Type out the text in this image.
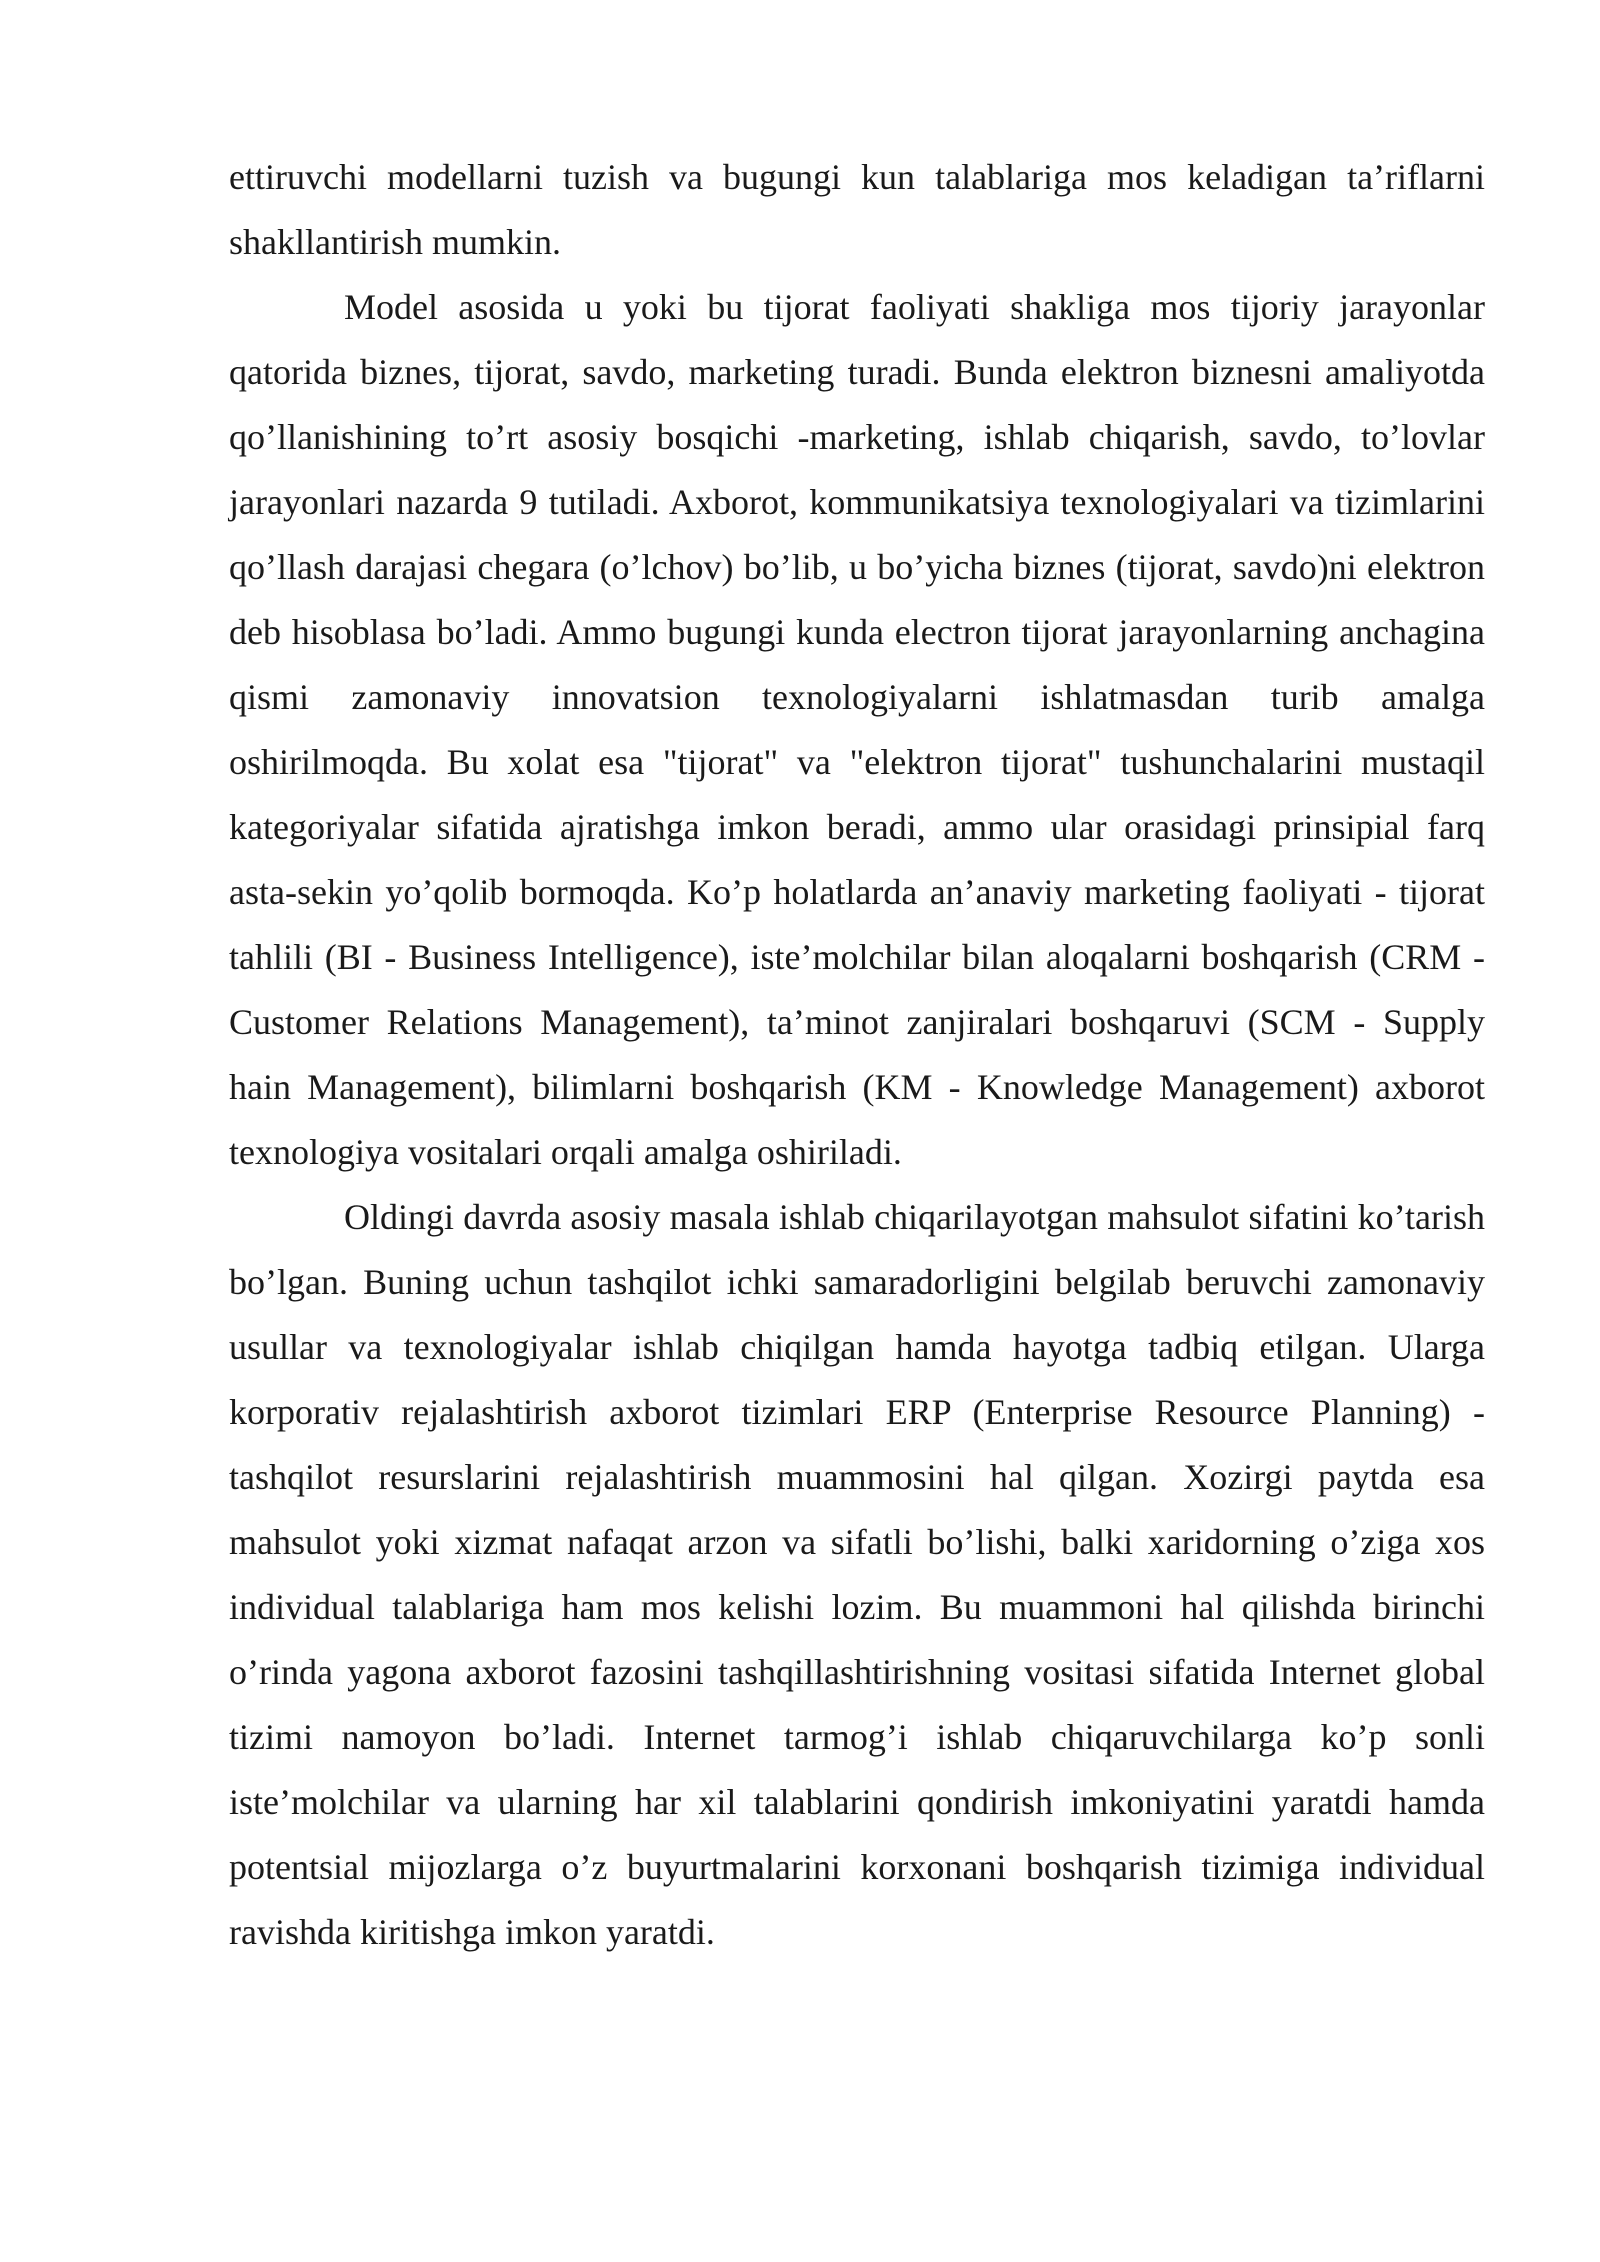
ettiruvchi modellarni tuzish va bugungi kun talablariga mos keladigan ta’riflarni shakllantirish mumkin.

Model asosida u yoki bu tijorat faoliyati shakliga mos tijoriy jarayonlar qatorida biznes, tijorat, savdo, marketing turadi. Bunda elektron biznesni amaliyotda qo’llanishining to’rt asosiy bosqichi -marketing, ishlab chiqarish, savdo, to’lovlar jarayonlari nazarda 9 tutiladi. Axborot, kommunikatsiya texnologiyalari va tizimlarini qo’llash darajasi chegara (o’lchov) bo’lib, u bo’yicha biznes (tijorat, savdo)ni elektron deb hisoblasa bo’ladi. Ammo bugungi kunda electron tijorat jarayonlarning anchagina qismi zamonaviy innovatsion texnologiyalarni ishlatmasdan turib amalga oshirilmoqda. Bu xolat esa "tijorat" va "elektron tijorat" tushunchalarini mustaqil kategoriyalar sifatida ajratishga imkon beradi, ammo ular orasidagi prinsipial farq asta-sekin yo’qolib bormoqda. Ko’p holatlarda an’anaviy marketing faoliyati - tijorat tahlili (BI - Business Intelligence), iste’molchilar bilan aloqalarni boshqarish (CRM - Customer Relations Management), ta’minot zanjiralari boshqaruvi (SCM - Supply hain Management), bilimlarni boshqarish (KM - Knowledge Management) axborot texnologiya vositalari orqali amalga oshiriladi.

Oldingi davrda asosiy masala ishlab chiqarilayotgan mahsulot sifatini ko’tarish bo’lgan. Buning uchun tashqilot ichki samaradorligini belgilab beruvchi zamonaviy usullar va texnologiyalar ishlab chiqilgan hamda hayotga tadbiq etilgan. Ularga korporativ rejalashtirish axborot tizimlari ERP (Enterprise Resource Planning) - tashqilot resurslarini rejalashtirish muammosini hal qilgan. Xozirgi paytda esa mahsulot yoki xizmat nafaqat arzon va sifatli bo’lishi, balki xaridorning o’ziga xos individual talablariga ham mos kelishi lozim. Bu muammoni hal qilishda birinchi o’rinda yagona axborot fazosini tashqillashtirishning vositasi sifatida Internet global tizimi namoyon bo’ladi. Internet tarmog’i ishlab chiqaruvchilarga ko’p sonli iste’molchilar va ularning har xil talablarini qondirish imkoniyatini yaratdi hamda potentsial mijozlarga o’z buyurtmalarini korxonani boshqarish tizimiga individual ravishda kiritishga imkon yaratdi.
